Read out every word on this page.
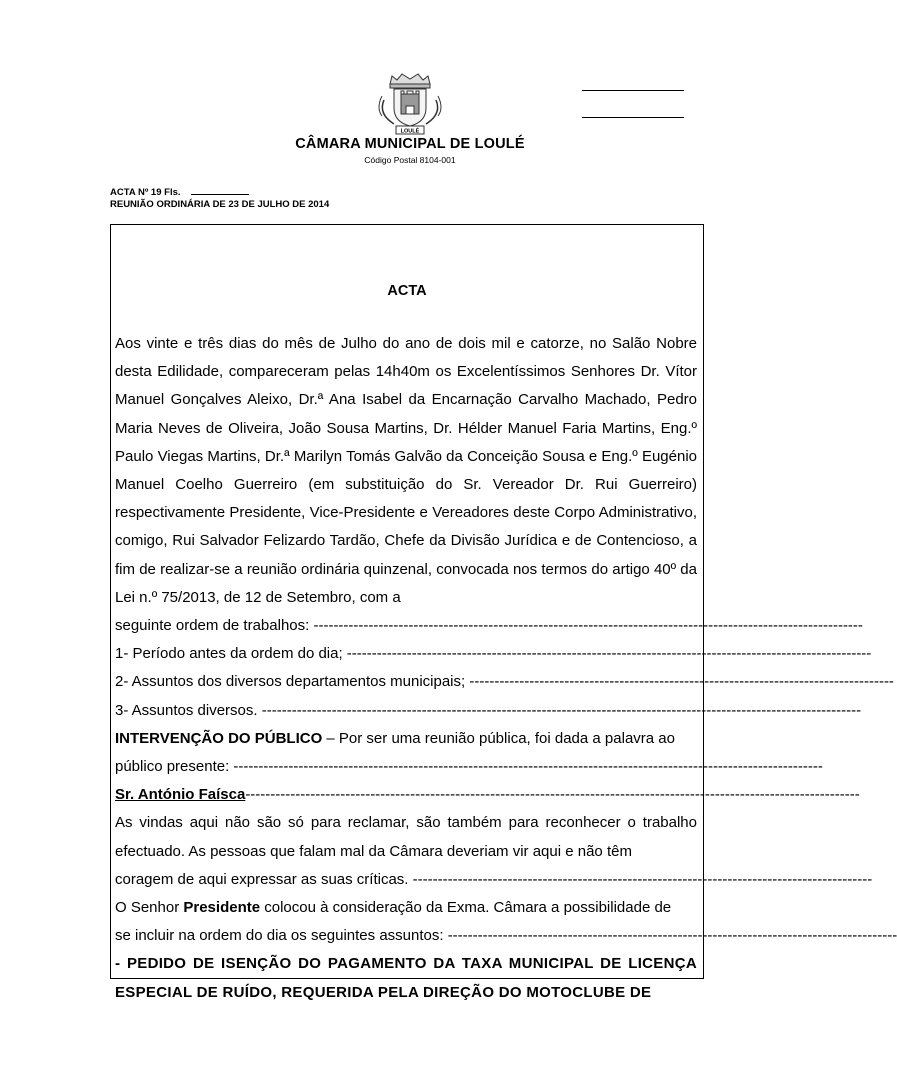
LOULÉ
CÂMARA MUNICIPAL DE LOULÉ
Código Postal 8104-001
ACTA Nº 19 Fls.
REUNIÃO ORDINÁRIA DE 23 DE JULHO DE 2014
ACTA

Aos vinte e três dias do mês de Julho do ano de dois mil e catorze, no Salão Nobre desta Edilidade, compareceram pelas 14h40m os Excelentíssimos Senhores Dr. Vítor Manuel Gonçalves Aleixo, Dr.ª Ana Isabel da Encarnação Carvalho Machado, Pedro Maria Neves de Oliveira, João Sousa Martins, Dr. Hélder Manuel Faria Martins, Eng.º Paulo Viegas Martins, Dr.ª Marilyn Tomás Galvão da Conceição Sousa e Eng.º Eugénio Manuel Coelho Guerreiro (em substituição do Sr. Vereador Dr. Rui Guerreiro) respectivamente Presidente, Vice-Presidente e Vereadores deste Corpo Administrativo, comigo, Rui Salvador Felizardo Tardão, Chefe da Divisão Jurídica e de Contencioso, a fim de realizar-se a reunião ordinária quinzenal, convocada nos termos do artigo 40º da Lei n.º 75/2013, de 12 de Setembro, com a

seguinte ordem de trabalhos: --------------------------------------------------------------------------------------------------------------

1- Período antes da ordem do dia; ---------------------------------------------------------------------------------------------------------

2- Assuntos dos diversos departamentos municipais; -------------------------------------------------------------------------------------

3- Assuntos diversos. ------------------------------------------------------------------------------------------------------------------------

INTERVENÇÃO DO PÚBLICO – Por ser uma reunião pública, foi dada a palavra ao

público presente: ----------------------------------------------------------------------------------------------------------------------

Sr. António Faísca---------------------------------------------------------------------------------------------------------------------------

As vindas aqui não são só para reclamar, são também para reconhecer o trabalho efectuado. As pessoas que falam mal da Câmara deveriam vir aqui e não têm

coragem de aqui expressar as suas críticas. --------------------------------------------------------------------------------------------

O Senhor Presidente colocou à consideração da Exma. Câmara a possibilidade de

se incluir na ordem do dia os seguintes assuntos: ------------------------------------------------------------------------------------------

- PEDIDO DE ISENÇÃO DO PAGAMENTO DA TAXA MUNICIPAL DE LICENÇA ESPECIAL DE RUÍDO, REQUERIDA PELA DIREÇÃO DO MOTOCLUBE DE
